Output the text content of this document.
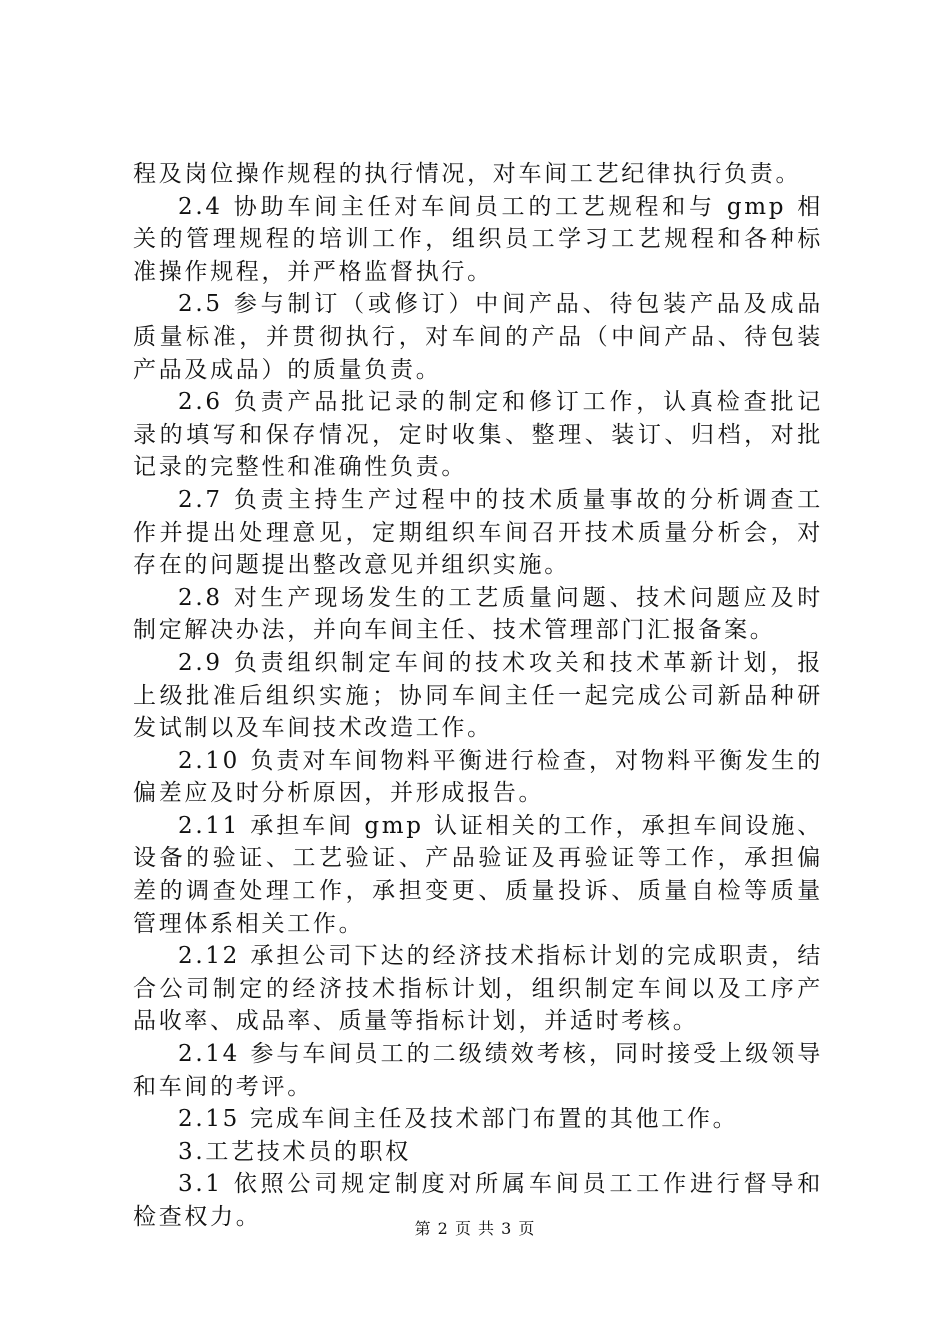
程及岗位操作规程的执行情况，对车间工艺纪律执行负责。

2.4 协助车间主任对车间员工的工艺规程和与 gmp 相关的管理规程的培训工作，组织员工学习工艺规程和各种标准操作规程，并严格监督执行。

2.5 参与制订（或修订）中间产品、待包装产品及成品质量标准，并贯彻执行，对车间的产品（中间产品、待包装产品及成品）的质量负责。

2.6 负责产品批记录的制定和修订工作，认真检查批记录的填写和保存情况，定时收集、整理、装订、归档，对批记录的完整性和准确性负责。

2.7 负责主持生产过程中的技术质量事故的分析调查工作并提出处理意见，定期组织车间召开技术质量分析会，对存在的问题提出整改意见并组织实施。

2.8 对生产现场发生的工艺质量问题、技术问题应及时制定解决办法，并向车间主任、技术管理部门汇报备案。

2.9 负责组织制定车间的技术攻关和技术革新计划，报上级批准后组织实施；协同车间主任一起完成公司新品种研发试制以及车间技术改造工作。

2.10 负责对车间物料平衡进行检查，对物料平衡发生的偏差应及时分析原因，并形成报告。

2.11 承担车间 gmp 认证相关的工作，承担车间设施、设备的验证、工艺验证、产品验证及再验证等工作，承担偏差的调查处理工作，承担变更、质量投诉、质量自检等质量管理体系相关工作。

2.12 承担公司下达的经济技术指标计划的完成职责，结合公司制定的经济技术指标计划，组织制定车间以及工序产品收率、成品率、质量等指标计划，并适时考核。

2.14 参与车间员工的二级绩效考核，同时接受上级领导和车间的考评。

2.15 完成车间主任及技术部门布置的其他工作。

3.工艺技术员的职权

3.1 依照公司规定制度对所属车间员工工作进行督导和检查权力。	第 2 页 共 3 页
